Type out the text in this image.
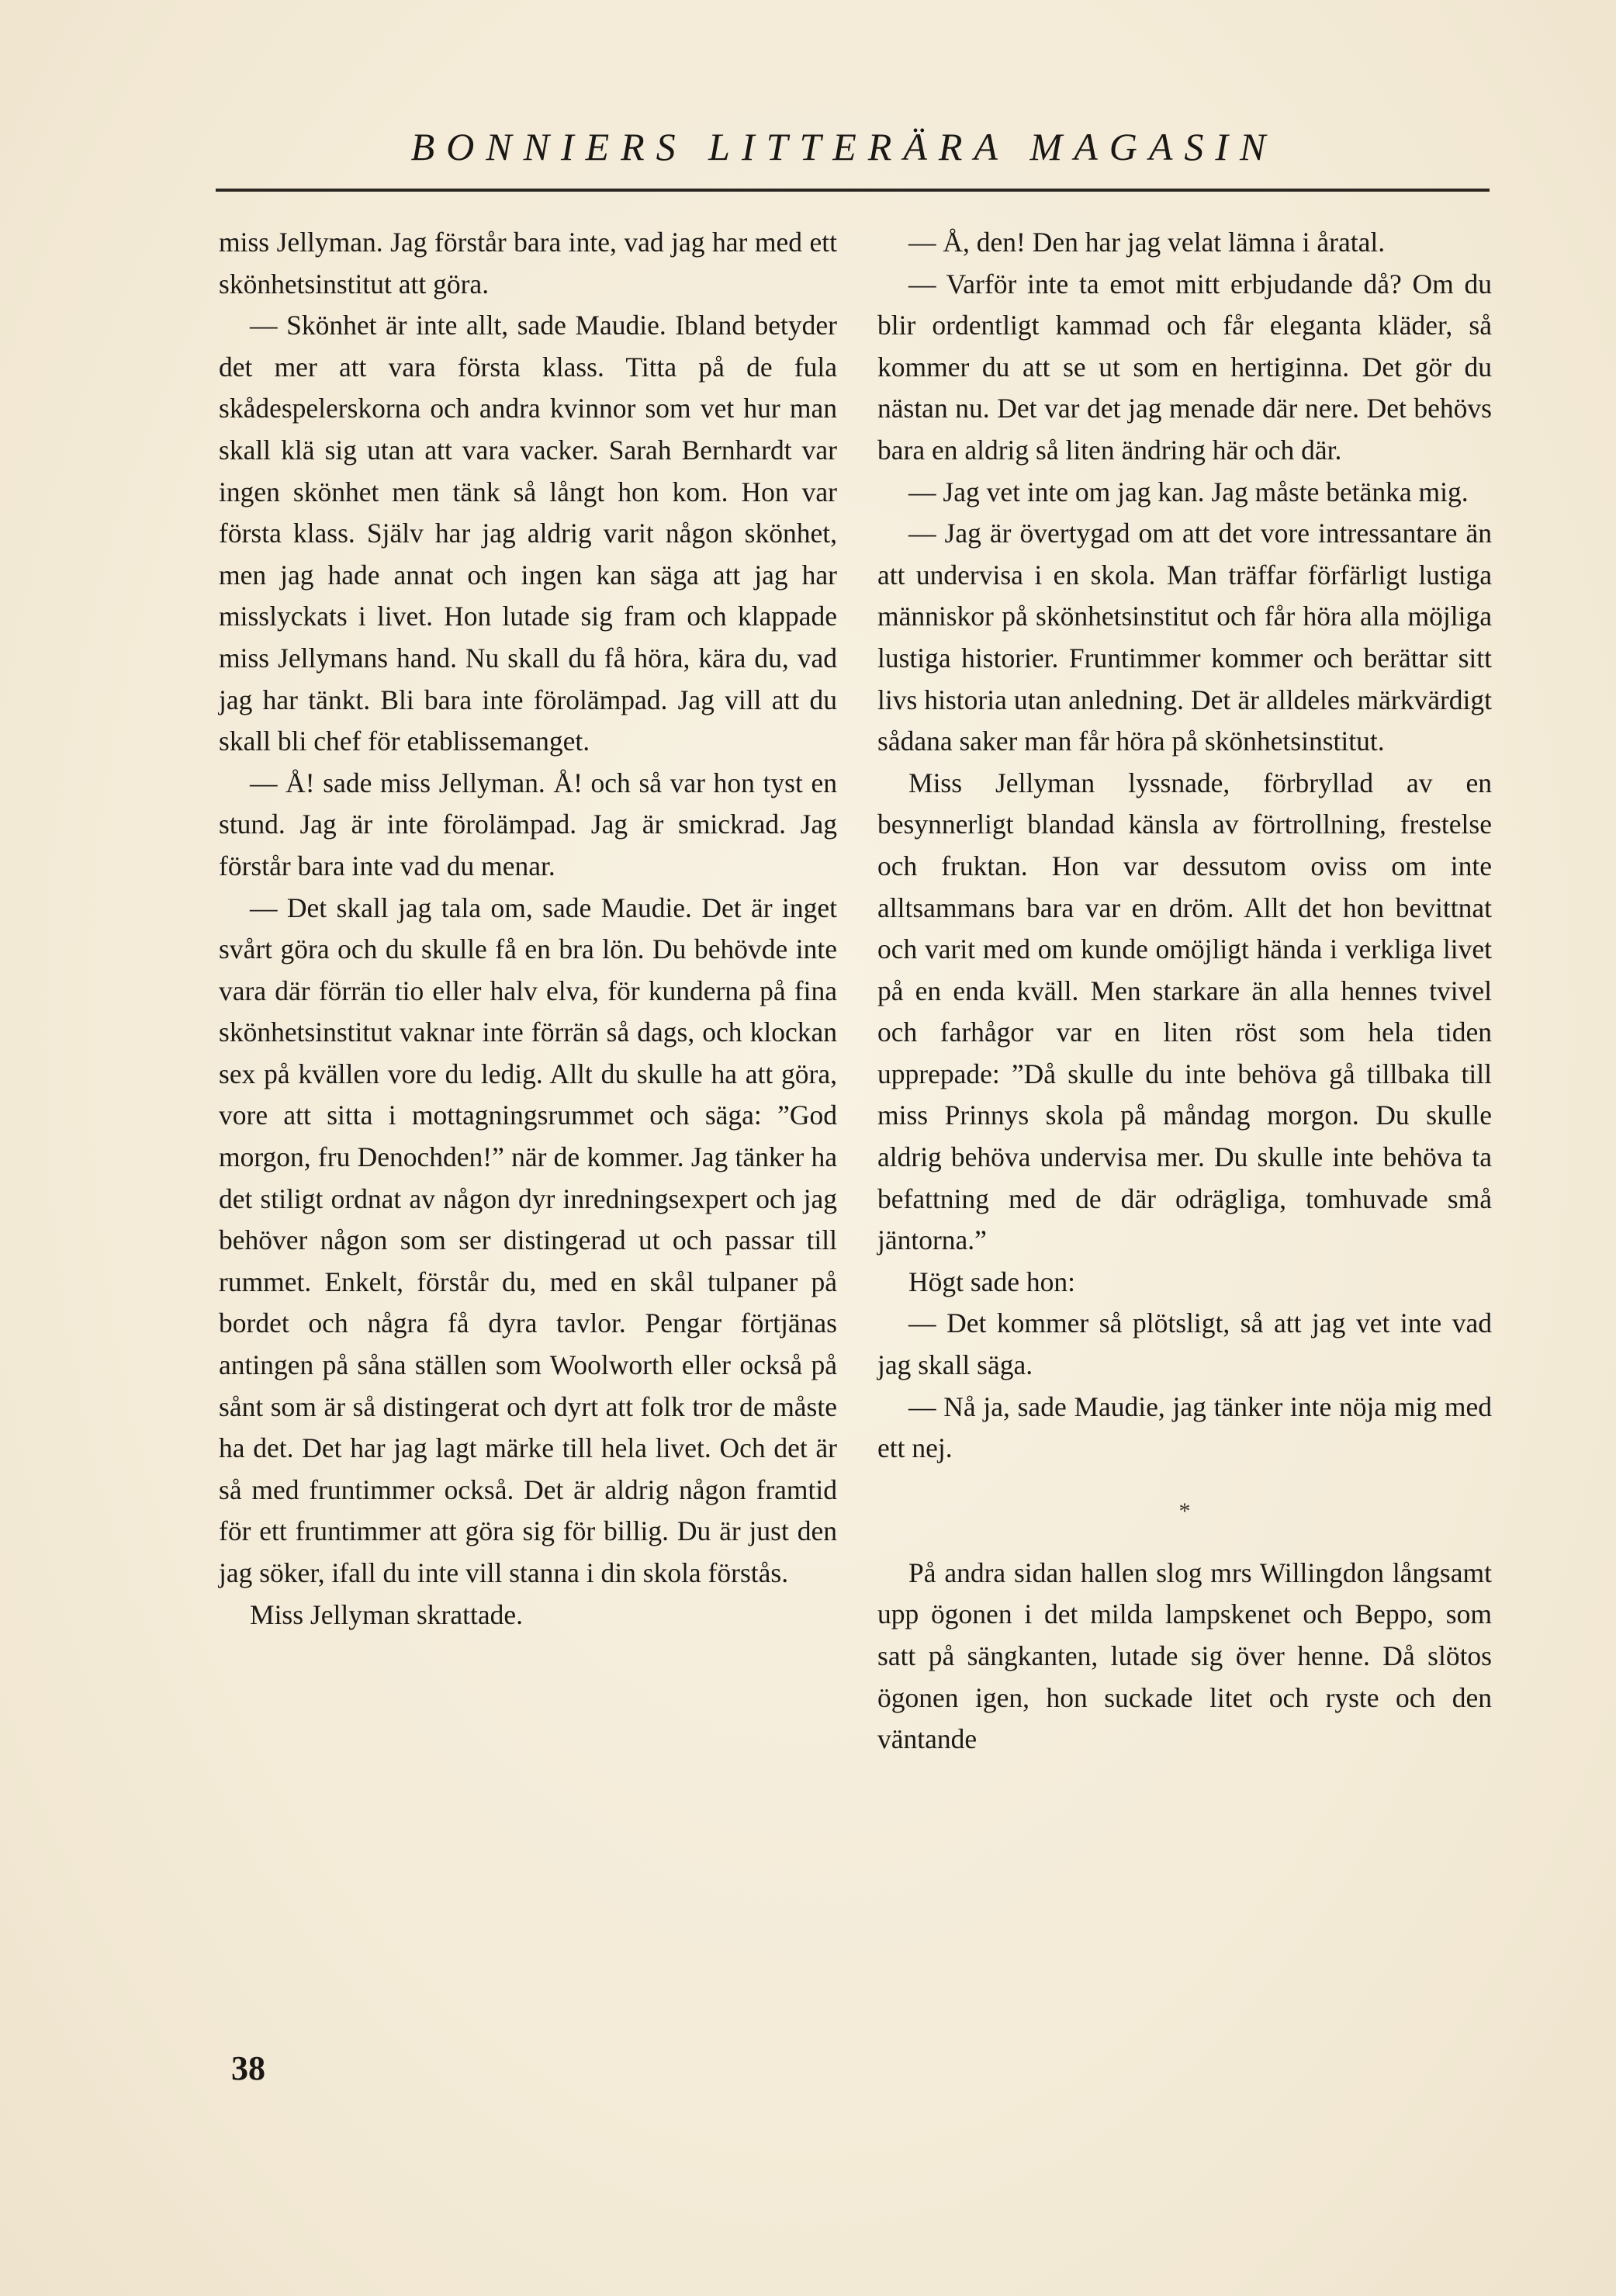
BONNIERS LITTERÄRA MAGASIN

miss Jellyman. Jag förstår bara inte, vad jag har med ett skönhetsinstitut att göra.

— Skönhet är inte allt, sade Maudie. Ibland betyder det mer att vara första klass. Titta på de fula skådespelerskorna och andra kvinnor som vet hur man skall klä sig utan att vara vacker. Sarah Bernhardt var ingen skönhet men tänk så långt hon kom. Hon var första klass. Själv har jag aldrig varit någon skönhet, men jag hade annat och ingen kan säga att jag har misslyckats i livet. Hon lutade sig fram och klappade miss Jellymans hand. Nu skall du få höra, kära du, vad jag har tänkt. Bli bara inte förolämpad. Jag vill att du skall bli chef för etablissemanget.

— Å! sade miss Jellyman. Å! och så var hon tyst en stund. Jag är inte förolämpad. Jag är smickrad. Jag förstår bara inte vad du menar.

— Det skall jag tala om, sade Maudie. Det är inget svårt göra och du skulle få en bra lön. Du behövde inte vara där förrän tio eller halv elva, för kunderna på fina skönhetsinstitut vaknar inte förrän så dags, och klockan sex på kvällen vore du ledig. Allt du skulle ha att göra, vore att sitta i mottagningsrummet och säga: ”God morgon, fru Denochden!” när de kommer. Jag tänker ha det stiligt ordnat av någon dyr inredningsexpert och jag behöver någon som ser distingerad ut och passar till rummet. Enkelt, förstår du, med en skål tulpaner på bordet och några få dyra tavlor. Pengar förtjänas antingen på såna ställen som Woolworth eller också på sånt som är så distingerat och dyrt att folk tror de måste ha det. Det har jag lagt märke till hela livet. Och det är så med fruntimmer också. Det är aldrig någon framtid för ett fruntimmer att göra sig för billig. Du är just den jag söker, ifall du inte vill stanna i din skola förstås.

Miss Jellyman skrattade.

— Å, den! Den har jag velat lämna i åratal.

— Varför inte ta emot mitt erbjudande då? Om du blir ordentligt kammad och får eleganta kläder, så kommer du att se ut som en hertiginna. Det gör du nästan nu. Det var det jag menade där nere. Det behövs bara en aldrig så liten ändring här och där.

— Jag vet inte om jag kan. Jag måste betänka mig.

— Jag är övertygad om att det vore intressantare än att undervisa i en skola. Man träffar förfärligt lustiga människor på skönhetsinstitut och får höra alla möjliga lustiga historier. Fruntimmer kommer och berättar sitt livs historia utan anledning. Det är alldeles märkvärdigt sådana saker man får höra på skönhetsinstitut.

Miss Jellyman lyssnade, förbryllad av en besynnerligt blandad känsla av förtrollning, frestelse och fruktan. Hon var dessutom oviss om inte alltsammans bara var en dröm. Allt det hon bevittnat och varit med om kunde omöjligt hända i verkliga livet på en enda kväll. Men starkare än alla hennes tvivel och farhågor var en liten röst som hela tiden upprepade: ”Då skulle du inte behöva gå tillbaka till miss Prinnys skola på måndag morgon. Du skulle aldrig behöva undervisa mer. Du skulle inte behöva ta befattning med de där odrägliga, tomhuvade små jäntorna.”

Högt sade hon:

— Det kommer så plötsligt, så att jag vet inte vad jag skall säga.

— Nå ja, sade Maudie, jag tänker inte nöja mig med ett nej.

*

På andra sidan hallen slog mrs Willingdon långsamt upp ögonen i det milda lampskenet och Beppo, som satt på sängkanten, lutade sig över henne. Då slötos ögonen igen, hon suckade litet och ryste och den väntande

38
